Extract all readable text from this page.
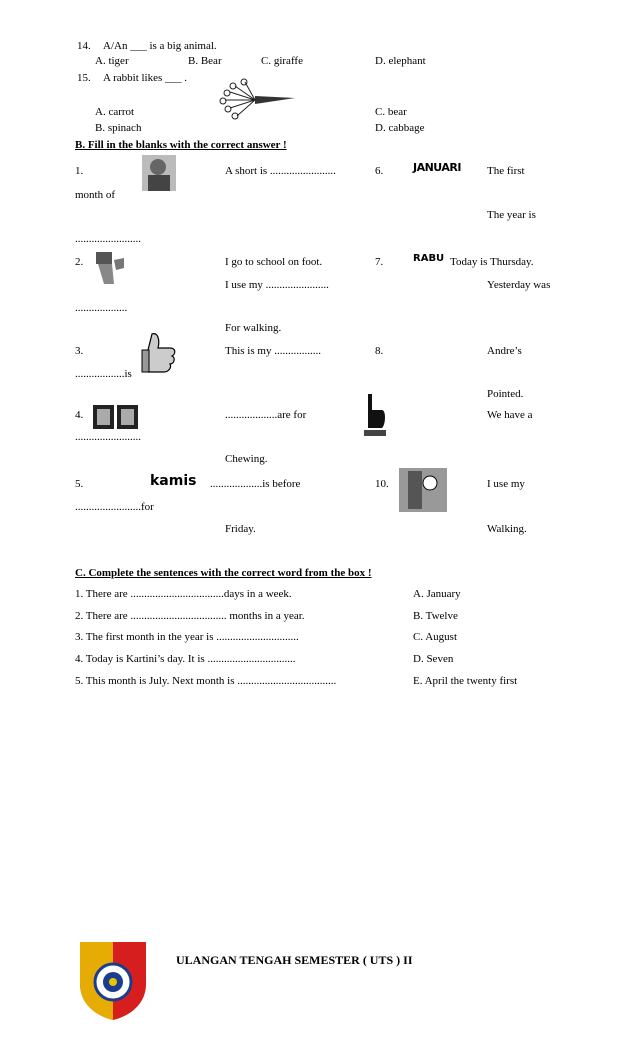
14. A/An ___ is a big animal.
A. tiger	B. Bear	C. giraffe	D. elephant
15. A rabbit likes ___ .
A. carrot	C. bear
B. spinach	D. cabbage
B. Fill in the blanks with the correct answer !
1.	A short is ........................
month of
6.	JANUARI The first
The year is
........................
2.	I go to school on foot.
I use my .......................
...................
For walking.
7.	RABU Today is Thursday.
Yesterday was
3.	This is my .................
..................is
8.	Andre’s
Pointed.
4.	...................are for
........................
Chewing.
We have a
5.	kamis ...................is before
........................for
Friday.
10.	I use my
Walking.
C. Complete the sentences with the correct word from the box !
1. There are ..................................days in a week.
2. There are ................................... months in a year.
3. The first month in the year is ..............................
4. Today is Kartini’s day. It is ................................
5. This month is July. Next month is ....................................
A. January
B. Twelve
C. August
D. Seven
E. April the twenty first
ULANGAN TENGAH SEMESTER ( UTS ) II
